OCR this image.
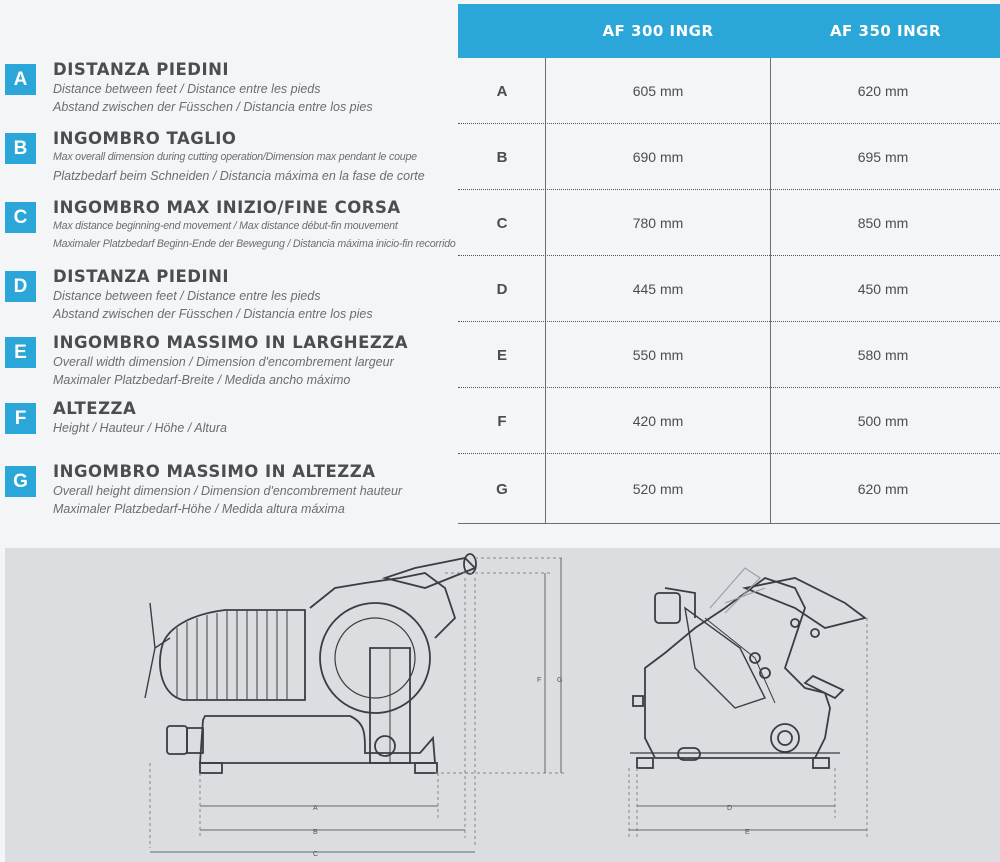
A	DISTANZA PIEDINI
Distance between feet / Distance entre les pieds
Abstand zwischen der Füsschen / Distancia entre los pies
B	INGOMBRO TAGLIO
Max overall dimension during cutting operation/Dimension max pendant le coupe
Platzbedarf beim Schneiden / Distancia máxima en la fase de corte
C	INGOMBRO MAX INIZIO/FINE CORSA
Max distance beginning-end movement / Max distance début-fin mouvement
Maximaler Platzbedarf Beginn-Ende der Bewegung / Distancia máxima inicio-fin recorrido
D	DISTANZA PIEDINI
Distance between feet / Distance entre les pieds
Abstand zwischen der Füsschen / Distancia entre los pies
E	INGOMBRO MASSIMO IN LARGHEZZA
Overall width dimension / Dimension d'encombrement largeur
Maximaler Platzbedarf-Breite / Medida ancho máximo
F	ALTEZZA
Height / Hauteur / Höhe / Altura
G	INGOMBRO MASSIMO IN ALTEZZA
Overall height dimension / Dimension d'encombrement hauteur
Maximaler Platzbedarf-Höhe / Medida altura máxima
AF 300 INGR	AF 350 INGR
A	605 mm	620 mm
B	690 mm	695 mm
C	780 mm	850 mm
D	445 mm	450 mm
E	550 mm	580 mm
F	420 mm	500 mm
G	520 mm	620 mm
A
B
C
F G
D
E
